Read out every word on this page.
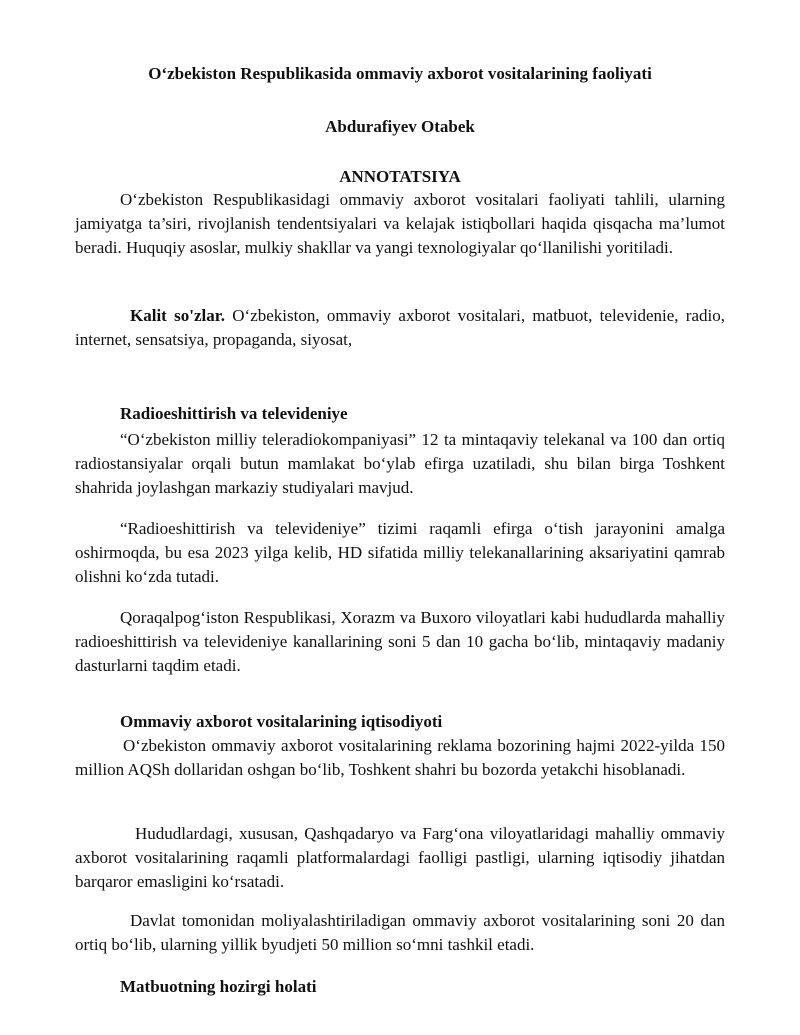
O‘zbekiston Respublikasida ommaviy axborot vositalarining faoliyati
Abdurafiyev Otabek
ANNOTATSIYA

O‘zbekiston Respublikasidagi ommaviy axborot vositalari faoliyati tahlili, ularning jamiyatga ta’siri, rivojlanish tendentsiyalari va kelajak istiqbollari haqida qisqacha ma’lumot beradi. Huquqiy asoslar, mulkiy shakllar va yangi texnologiyalar qo‘llanilishi yoritiladi.

Kalit so'zlar. O‘zbekiston, ommaviy axborot vositalari, matbuot, televidenie, radio, internet, sensatsiya, propaganda, siyosat,

Radioeshittirish va televideniye

“O‘zbekiston milliy teleradiokompaniyasi” 12 ta mintaqaviy telekanal va 100 dan ortiq radiostansiyalar orqali butun mamlakat bo‘ylab efirga uzatiladi, shu bilan birga Toshkent shahrida joylashgan markaziy studiyalari mavjud.

“Radioeshittirish va televideniye” tizimi raqamli efirga o‘tish jarayonini amalga oshirmoqda, bu esa 2023 yilga kelib, HD sifatida milliy telekanallarining aksariyatini qamrab olishni ko‘zda tutadi.

Qoraqalpog‘iston Respublikasi, Xorazm va Buxoro viloyatlari kabi hududlarda mahalliy radioeshittirish va televideniye kanallarining soni 5 dan 10 gacha bo‘lib, mintaqaviy madaniy dasturlarni taqdim etadi.

Ommaviy axborot vositalarining iqtisodiyoti

O‘zbekiston ommaviy axborot vositalarining reklama bozorining hajmi 2022-yilda 150 million AQSh dollaridan oshgan bo‘lib, Toshkent shahri bu bozorda yetakchi hisoblanadi.

Hududlardagi, xususan, Qashqadaryo va Farg‘ona viloyatlaridagi mahalliy ommaviy axborot vositalarining raqamli platformalardagi faolligi pastligi, ularning iqtisodiy jihatdan barqaror emasligini ko‘rsatadi.

Davlat tomonidan moliyalashtiriladigan ommaviy axborot vositalarining soni 20 dan ortiq bo‘lib, ularning yillik byudjeti 50 million so‘mni tashkil etadi.

Matbuotning hozirgi holati
